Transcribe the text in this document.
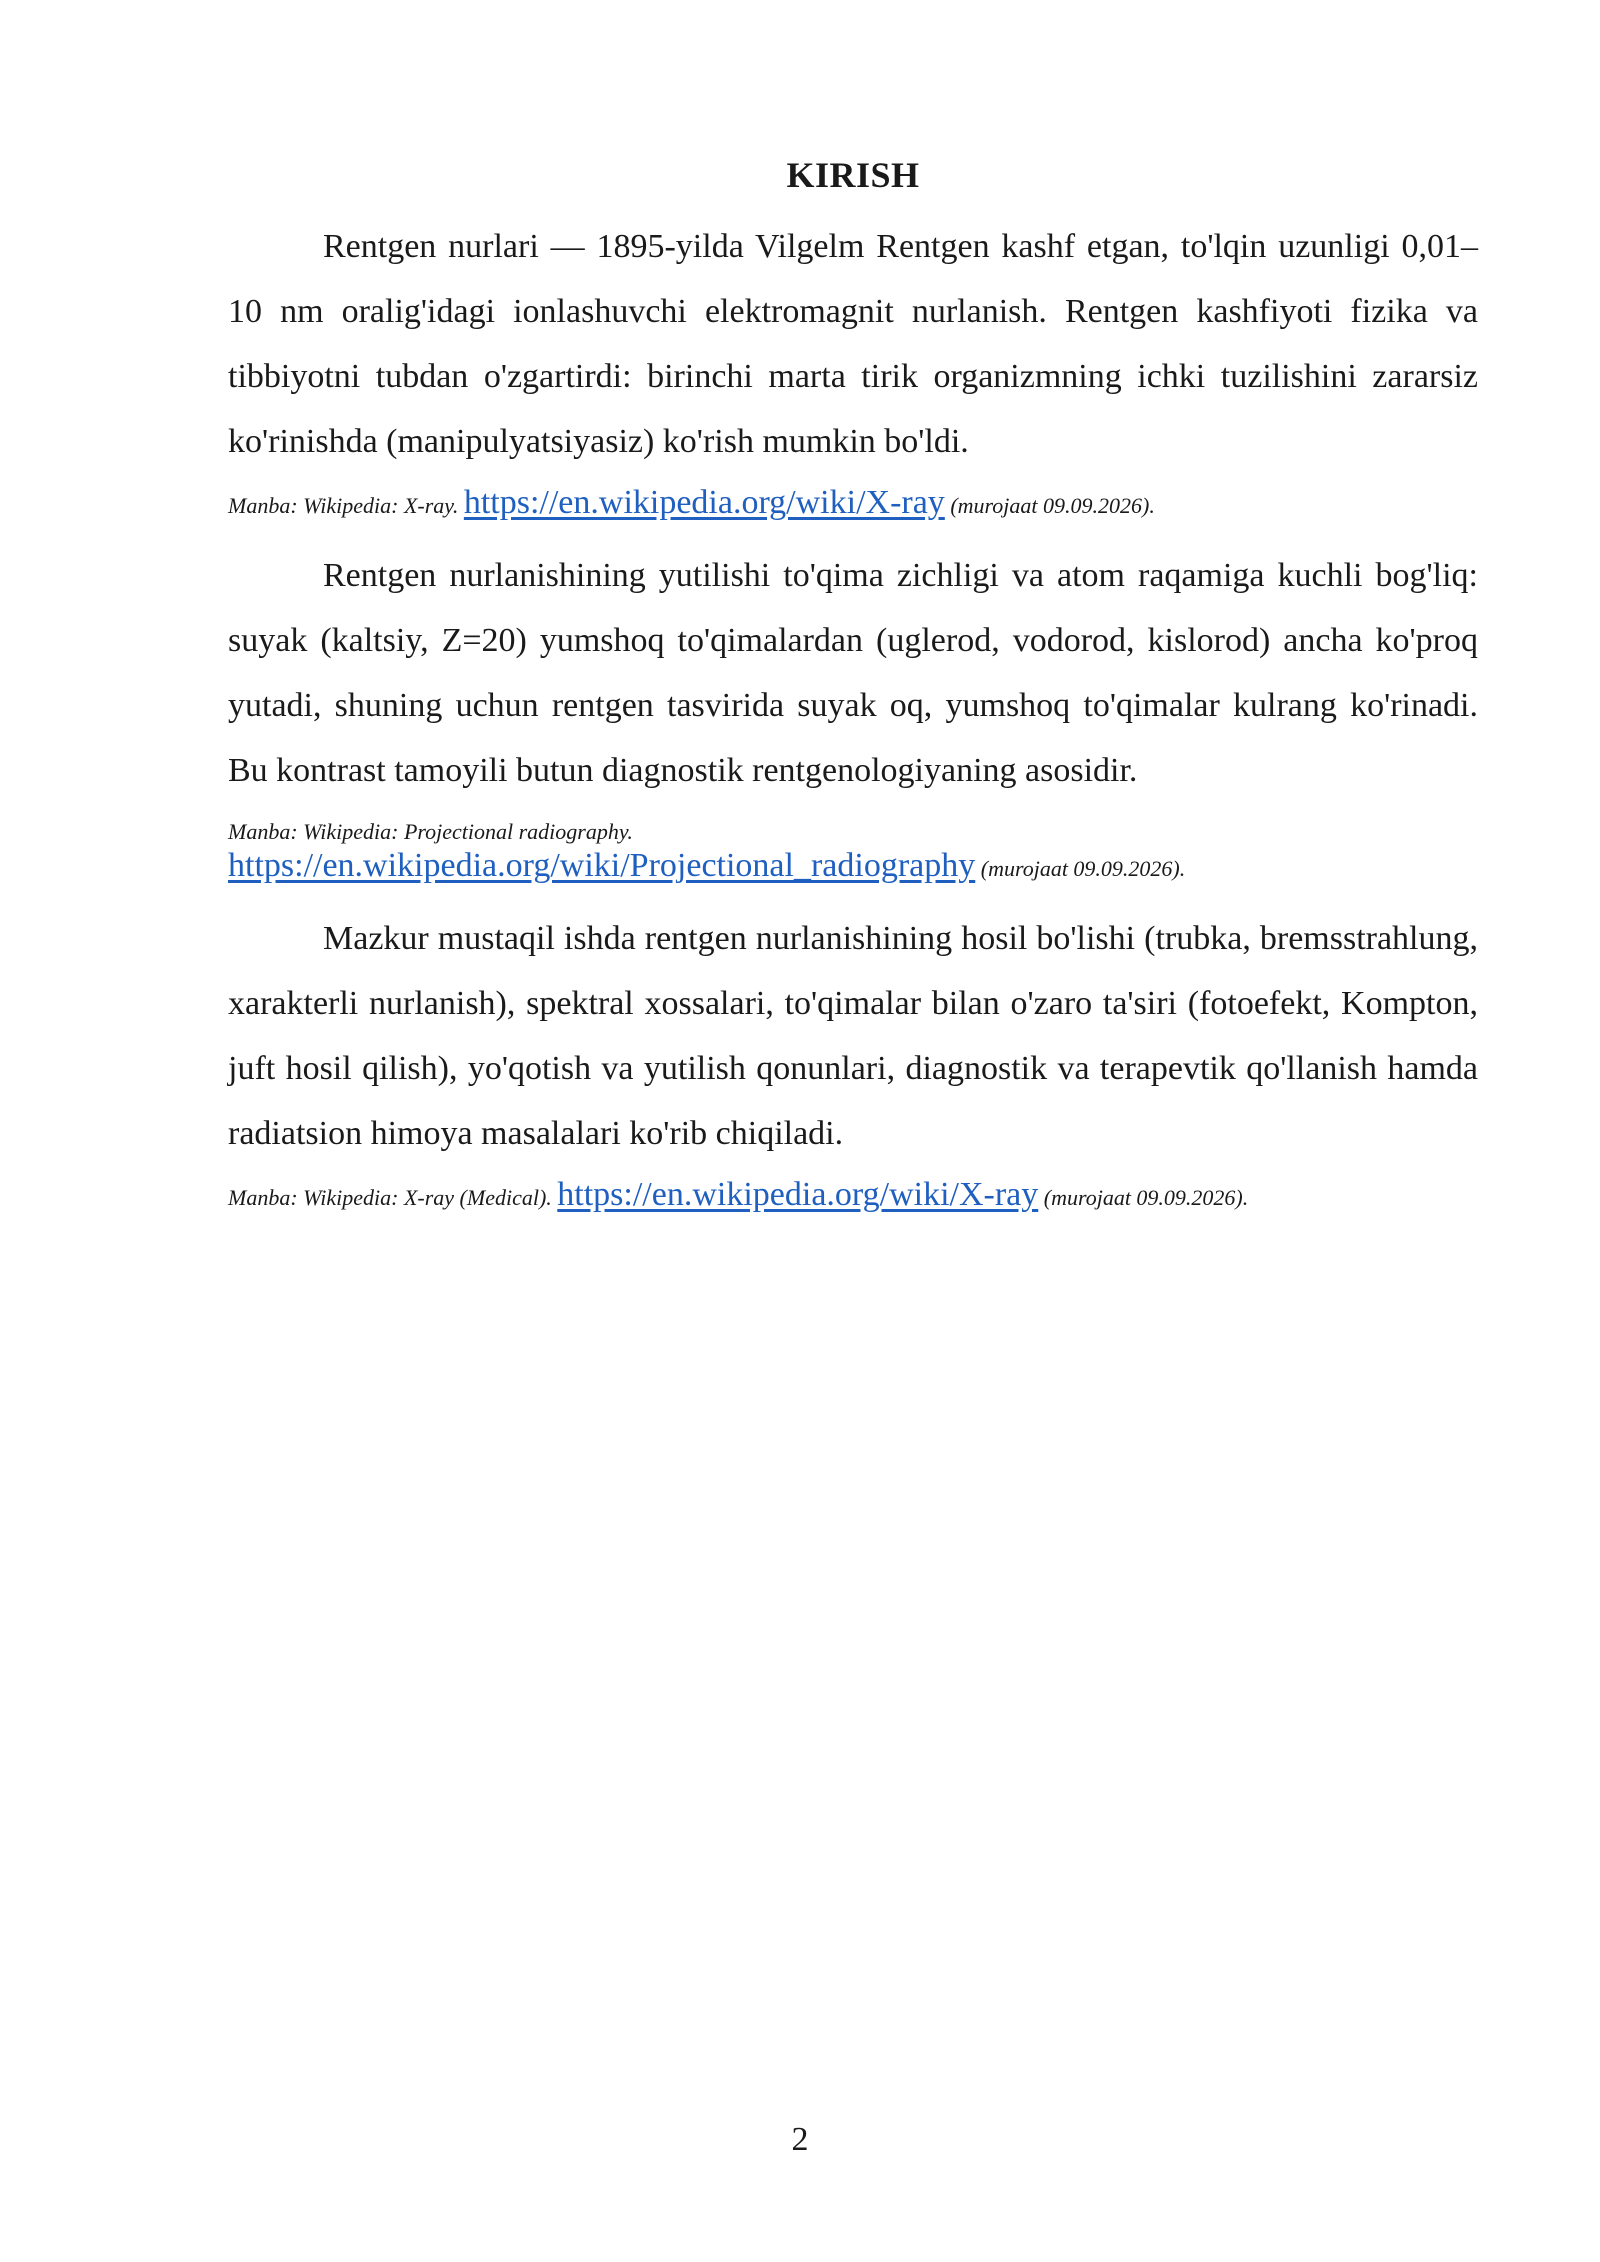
KIRISH

Rentgen nurlari — 1895-yilda Vilgelm Rentgen kashf etgan, to'lqin uzunligi 0,01–10 nm oralig'idagi ionlashuvchi elektromagnit nurlanish. Rentgen kashfiyoti fizika va tibbiyotni tubdan o'zgartirdi: birinchi marta tirik organizmning ichki tuzilishini zararsiz ko'rinishda (manipulyatsiyasiz) ko'rish mumkin bo'ldi.

Manba: Wikipedia: X-ray. https://en.wikipedia.org/wiki/X-ray (murojaat 09.09.2026).

Rentgen nurlanishining yutilishi to'qima zichligi va atom raqamiga kuchli bog'liq: suyak (kaltsiy, Z=20) yumshoq to'qimalardan (uglerod, vodorod, kislorod) ancha ko'proq yutadi, shuning uchun rentgen tasvirida suyak oq, yumshoq to'qimalar kulrang ko'rinadi. Bu kontrast tamoyili butun diagnostik rentgenologiyaning asosidir.

Manba: Wikipedia: Projectional radiography.
https://en.wikipedia.org/wiki/Projectional_radiography (murojaat 09.09.2026).

Mazkur mustaqil ishda rentgen nurlanishining hosil bo'lishi (trubka, bremsstrahlung, xarakterli nurlanish), spektral xossalari, to'qimalar bilan o'zaro ta'siri (fotoefekt, Kompton, juft hosil qilish), yo'qotish va yutilish qonunlari, diagnostik va terapevtik qo'llanish hamda radiatsion himoya masalalari ko'rib chiqiladi.

Manba: Wikipedia: X-ray (Medical). https://en.wikipedia.org/wiki/X-ray (murojaat 09.09.2026).
2
